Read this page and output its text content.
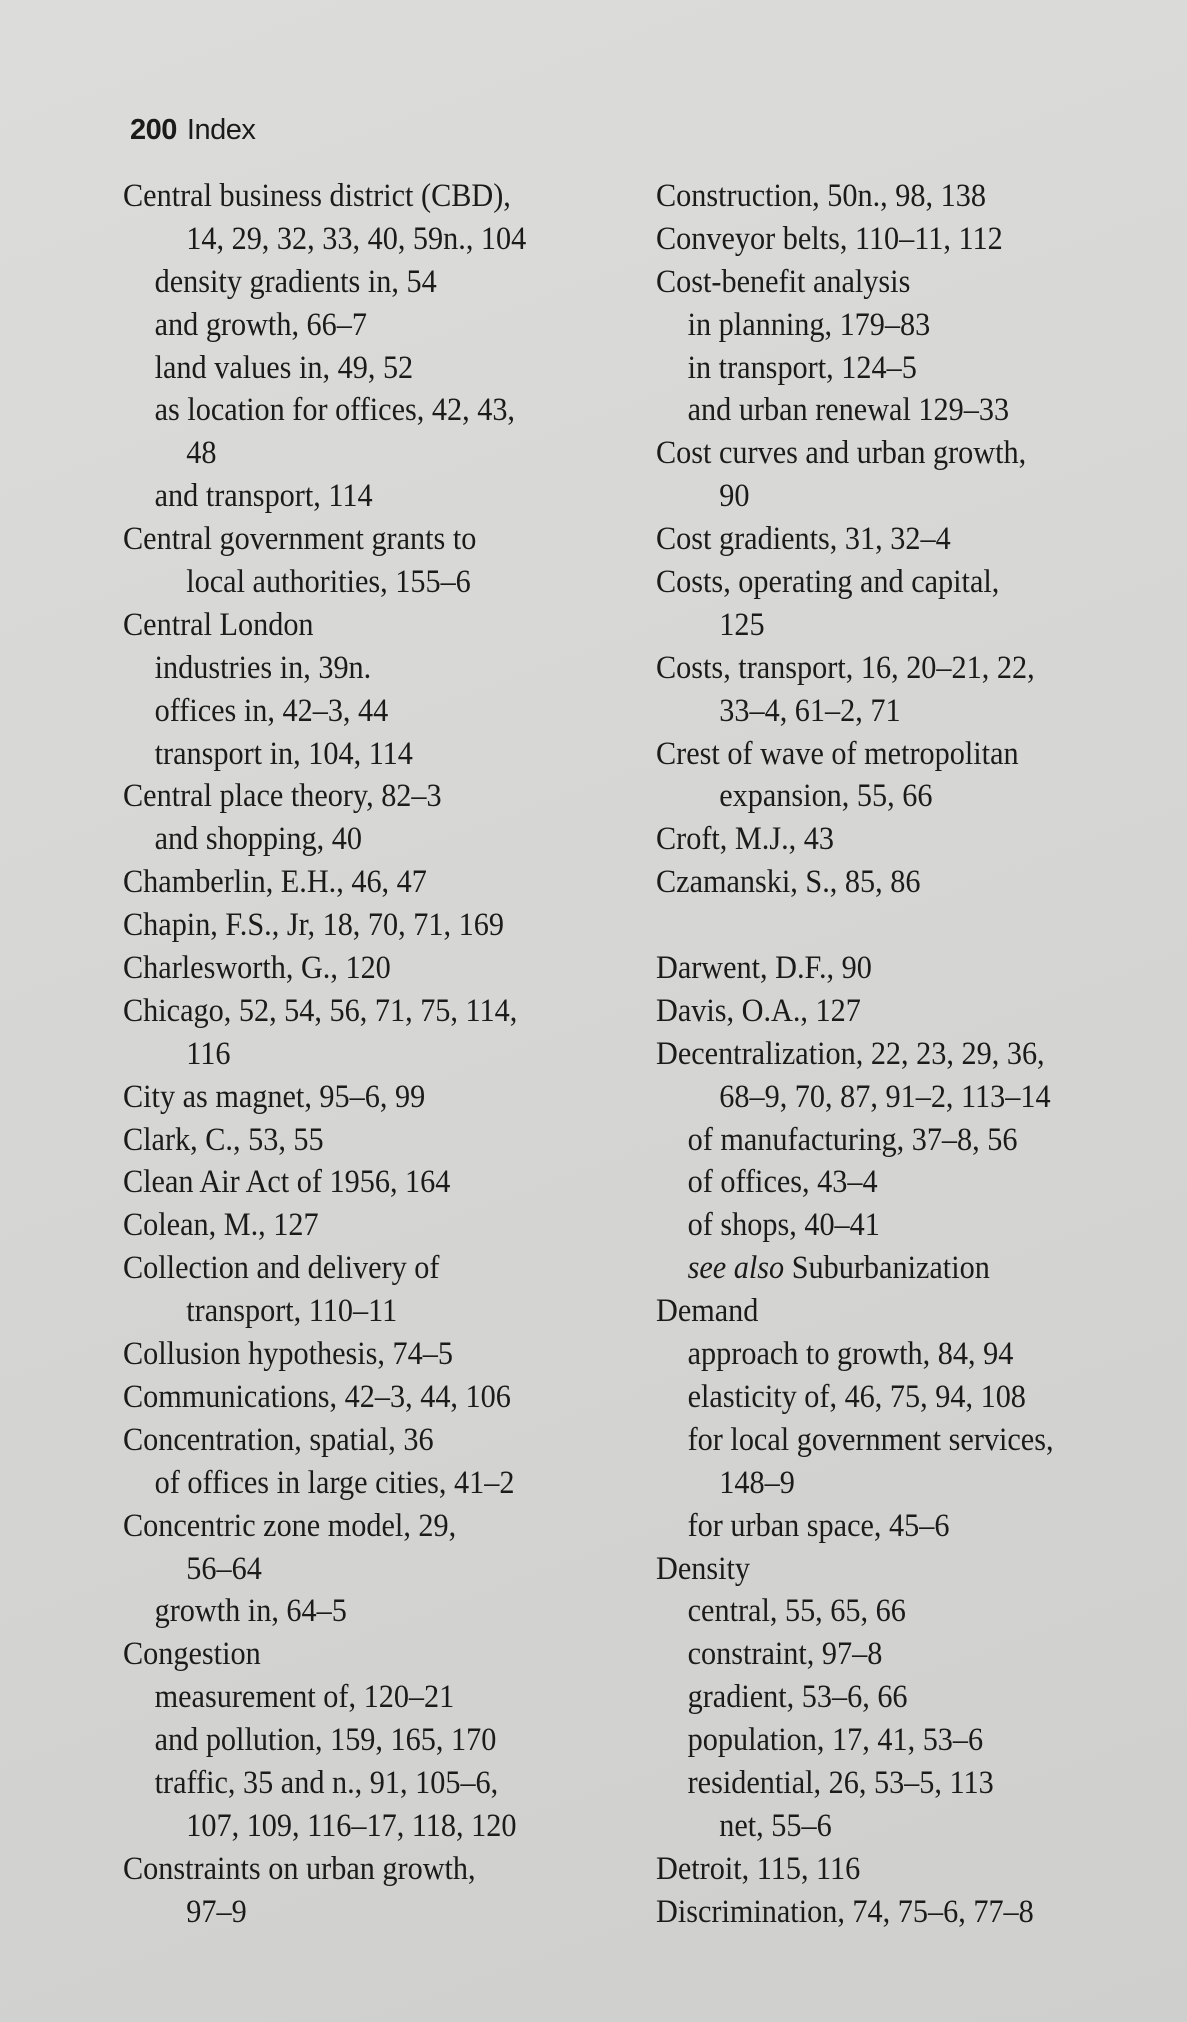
200 Index
Central business district (CBD),
14, 29, 32, 33, 40, 59n., 104
density gradients in, 54
and growth, 66–7
land values in, 49, 52
as location for offices, 42, 43,
48
and transport, 114
Central government grants to
local authorities, 155–6
Central London
industries in, 39n.
offices in, 42–3, 44
transport in, 104, 114
Central place theory, 82–3
and shopping, 40
Chamberlin, E.H., 46, 47
Chapin, F.S., Jr, 18, 70, 71, 169
Charlesworth, G., 120
Chicago, 52, 54, 56, 71, 75, 114,
116
City as magnet, 95–6, 99
Clark, C., 53, 55
Clean Air Act of 1956, 164
Colean, M., 127
Collection and delivery of
transport, 110–11
Collusion hypothesis, 74–5
Communications, 42–3, 44, 106
Concentration, spatial, 36
of offices in large cities, 41–2
Concentric zone model, 29,
56–64
growth in, 64–5
Congestion
measurement of, 120–21
and pollution, 159, 165, 170
traffic, 35 and n., 91, 105–6,
107, 109, 116–17, 118, 120
Constraints on urban growth,
97–9
Construction, 50n., 98, 138
Conveyor belts, 110–11, 112
Cost-benefit analysis
in planning, 179–83
in transport, 124–5
and urban renewal 129–33
Cost curves and urban growth,
90
Cost gradients, 31, 32–4
Costs, operating and capital,
125
Costs, transport, 16, 20–21, 22,
33–4, 61–2, 71
Crest of wave of metropolitan
expansion, 55, 66
Croft, M.J., 43
Czamanski, S., 85, 86
Darwent, D.F., 90
Davis, O.A., 127
Decentralization, 22, 23, 29, 36,
68–9, 70, 87, 91–2, 113–14
of manufacturing, 37–8, 56
of offices, 43–4
of shops, 40–41
see also Suburbanization
Demand
approach to growth, 84, 94
elasticity of, 46, 75, 94, 108
for local government services,
148–9
for urban space, 45–6
Density
central, 55, 65, 66
constraint, 97–8
gradient, 53–6, 66
population, 17, 41, 53–6
residential, 26, 53–5, 113
net, 55–6
Detroit, 115, 116
Discrimination, 74, 75–6, 77–8
